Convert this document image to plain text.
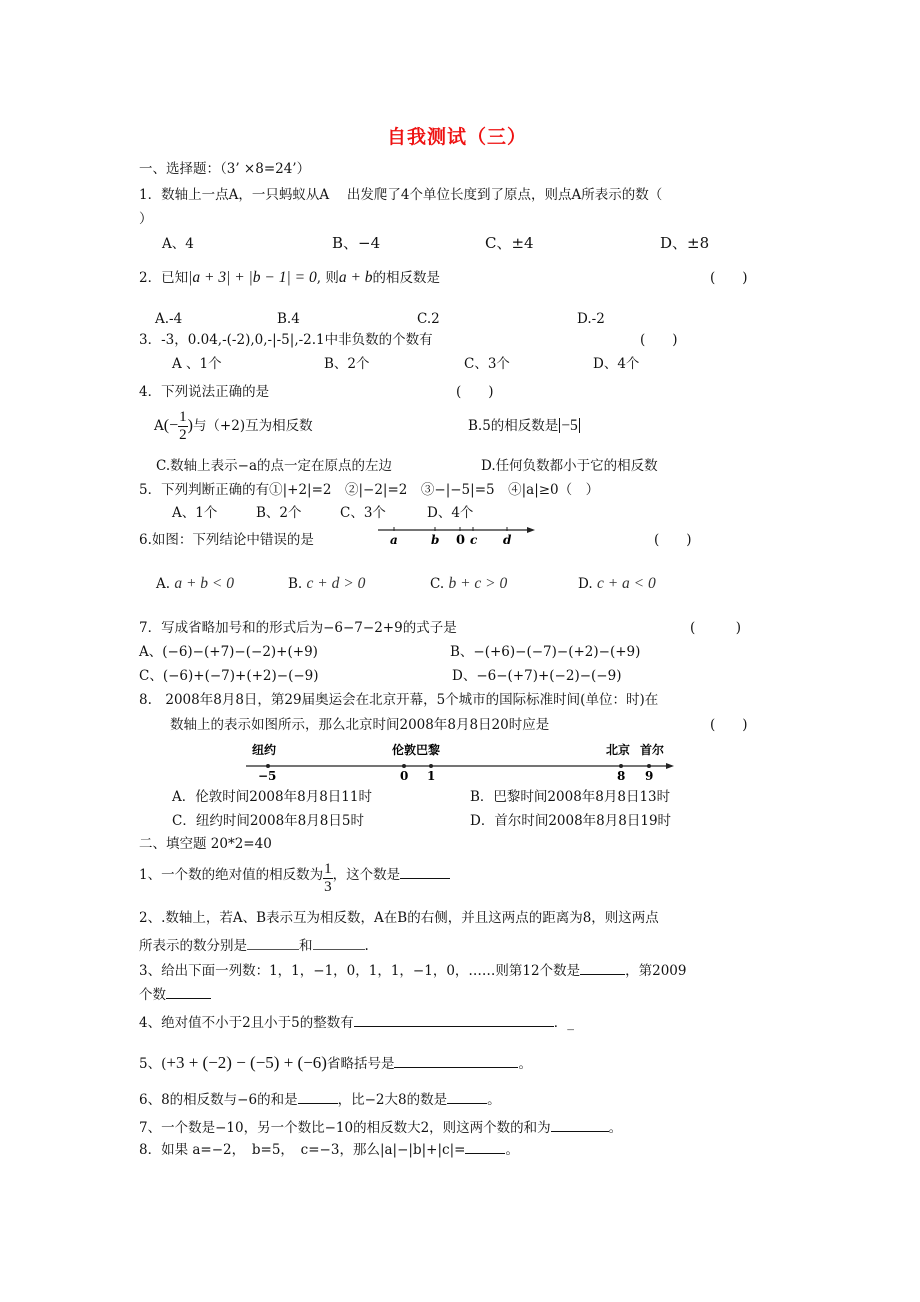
自我测试（三）
一、选择题：（3’ ×8=24’）
1．数轴上一点A，一只蚂蚁从A　 出发爬了4个单位长度到了原点，则点A所表示的数（
）
A、4	B、−4	C、±4	D、±8
2．已知|a + 3| + |b − 1| = 0, 则a + b的相反数是	(　　)
A.-4	B.4	C.2	D.-2
3．-3，0.04,-(-2),0,-|-5|,-2.1中非负数的个数有	(　　)
A 、1个	B、2个	C、3个	D、4个
4．下列说法正确的是	(　　)
$A(- \frac{1}{2}$ )与（+2)互为相反数	B.5的相反数是 −5
C.数轴上表示−a的点一定在原点的左边	D.任何负数都小于它的相反数
5．下列判断正确的有①|+2|=2　②|−2|=2　③−|−5|=5　④|a|≥0（　）
A、1个	B、2个	C、3个	D、4个
6.如图：下列结论中错误的是	a	b 0 c d	(　　)
A. a + b < 0	B. c + d > 0	C. b + c > 0	D. c + a < 0
7．写成省略加号和的形式后为−6−7−2+9的式子是	(　　　)
A、(−6)−(+7)−(−2)+(+9)	B、−(+6)−(−7)−(+2)−(+9)
C、(−6)+(−7)+(+2)−(−9)	D、−6−(+7)+(−2)−(−9)
8.　2008年8月8日，第29届奥运会在北京开幕，5个城市的国际标准时间(单位：时)在
数轴上的表示如图所示，那么北京时间2008年8月8日20时应是	(　　)
纽约	伦敦巴黎	北京 首尔
−5	0 1	8 9
A．伦敦时间2008年8月8日11时	B．巴黎时间2008年8月8日13时
C．纽约时间2008年8月8日5时	D．首尔时间2008年8月8日19时
二、填空题 20*2=40
1、一个数的绝对值的相反数为 $\frac{1}{3}$ ，这个数是
2、.数轴上，若A、B表示互为相反数，A在B的右侧，并且这两点的距离为8，则这两点
所表示的数分别是	和	.
3、给出下面一列数：1，1，−1，0，1，1，−1，0，……则第12个数是	，第2009
个数
4、绝对值不小于2且小于5的整数有	．_
5、(+3 + (−2) − (−5) + (−6)省略括号是	。
6、8的相反数与−6的和是	，比−2大8的数是	。
7、一个数是−10，另一个数比−10的相反数大2，则这两个数的和为	。
8．如果 a=−2，　b=5，　c=−3，那么|a|−|b|+|c|=	。
